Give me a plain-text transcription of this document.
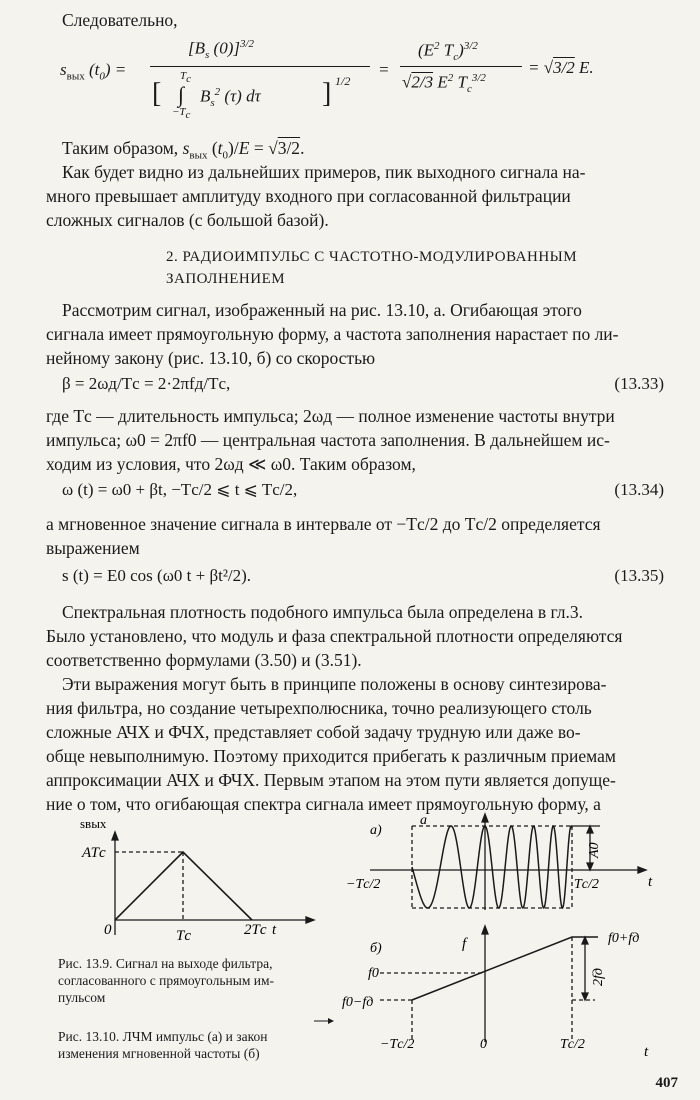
Следовательно,
$s_{вых}$ $(t_0)$ =
[$B_s$ (0)]$^{3/2}$
[
$T_c$
∫
$-T_c$
$B_s^2$ (τ) dτ ] 1/2
=
($E^2$ $T_c)^{3/2}$
√2/3 $E^2$ $T_c^{3/2}$
= √3/2 E.
Таким образом, $s_{вых}$ $(t_0)/E = √3/2$.
Как будет видно из дальнейших примеров, пик выходного сигнала на-
много превышает амплитуду входного при согласованной фильтрации
сложных сигналов (с большой базой).
2. РАДИОИМПУЛЬС С ЧАСТОТНО-МОДУЛИРОВАННЫМ
ЗАПОЛНЕНИЕМ
Рассмотрим сигнал, изображенный на рис. 13.10, а. Огибающая этого
сигнала имеет прямоугольную форму, а частота заполнения нарастает по ли-
нейному закону (рис. 13.10, б) со скоростью
β = 2ωд/Tс = 2·2πfд/Tс,	(13.33)
где Tс — длительность импульса; 2ωд — полное изменение частоты внутри
импульса; ω0 = 2πf0 — центральная частота заполнения. В дальнейшем ис-
ходим из условия, что 2ωд ≪ ω0. Таким образом,
ω (t) = ω0 + βt, −Tс/2 ⩽ t ⩽ Tс/2,	(13.34)
а мгновенное значение сигнала в интервале от −Tс/2 до Tс/2 определяется
выражением
s (t) = E0 cos (ω0 t + βt²/2).	(13.35)
Спектральная плотность подобного импульса была определена в гл.3.
Было установлено, что модуль и фаза спектральной плотности определяются
соответственно формулами (3.50) и (3.51).
Эти выражения могут быть в принципе положены в основу синтезирова-
ния фильтра, но создание четырехполюсника, точно реализующего столь
сложные АЧХ и ФЧХ, представляет собой задачу трудную или даже во-
обще невыполнимую. Поэтому приходится прибегать к различным приемам
аппроксимации АЧХ и ФЧХ. Первым этапом на этом пути является допуще-
ние о том, что огибающая спектра сигнала имеет прямоугольную форму, а
sвых
ATс
0	Tс	2Tс t
Рис. 13.9. Сигнал на выходе фильтра,
согласованного с прямоугольным им-
пульсом
Рис. 13.10. ЛЧМ импульс (а) и закон
изменения мгновенной частоты (б)
a
a)
−Tс/2	Tс/2	t
A0
б)	f
f0
f0−fд
f0+fд
2fд
−Tс/2	0	Tс/2	t
407
